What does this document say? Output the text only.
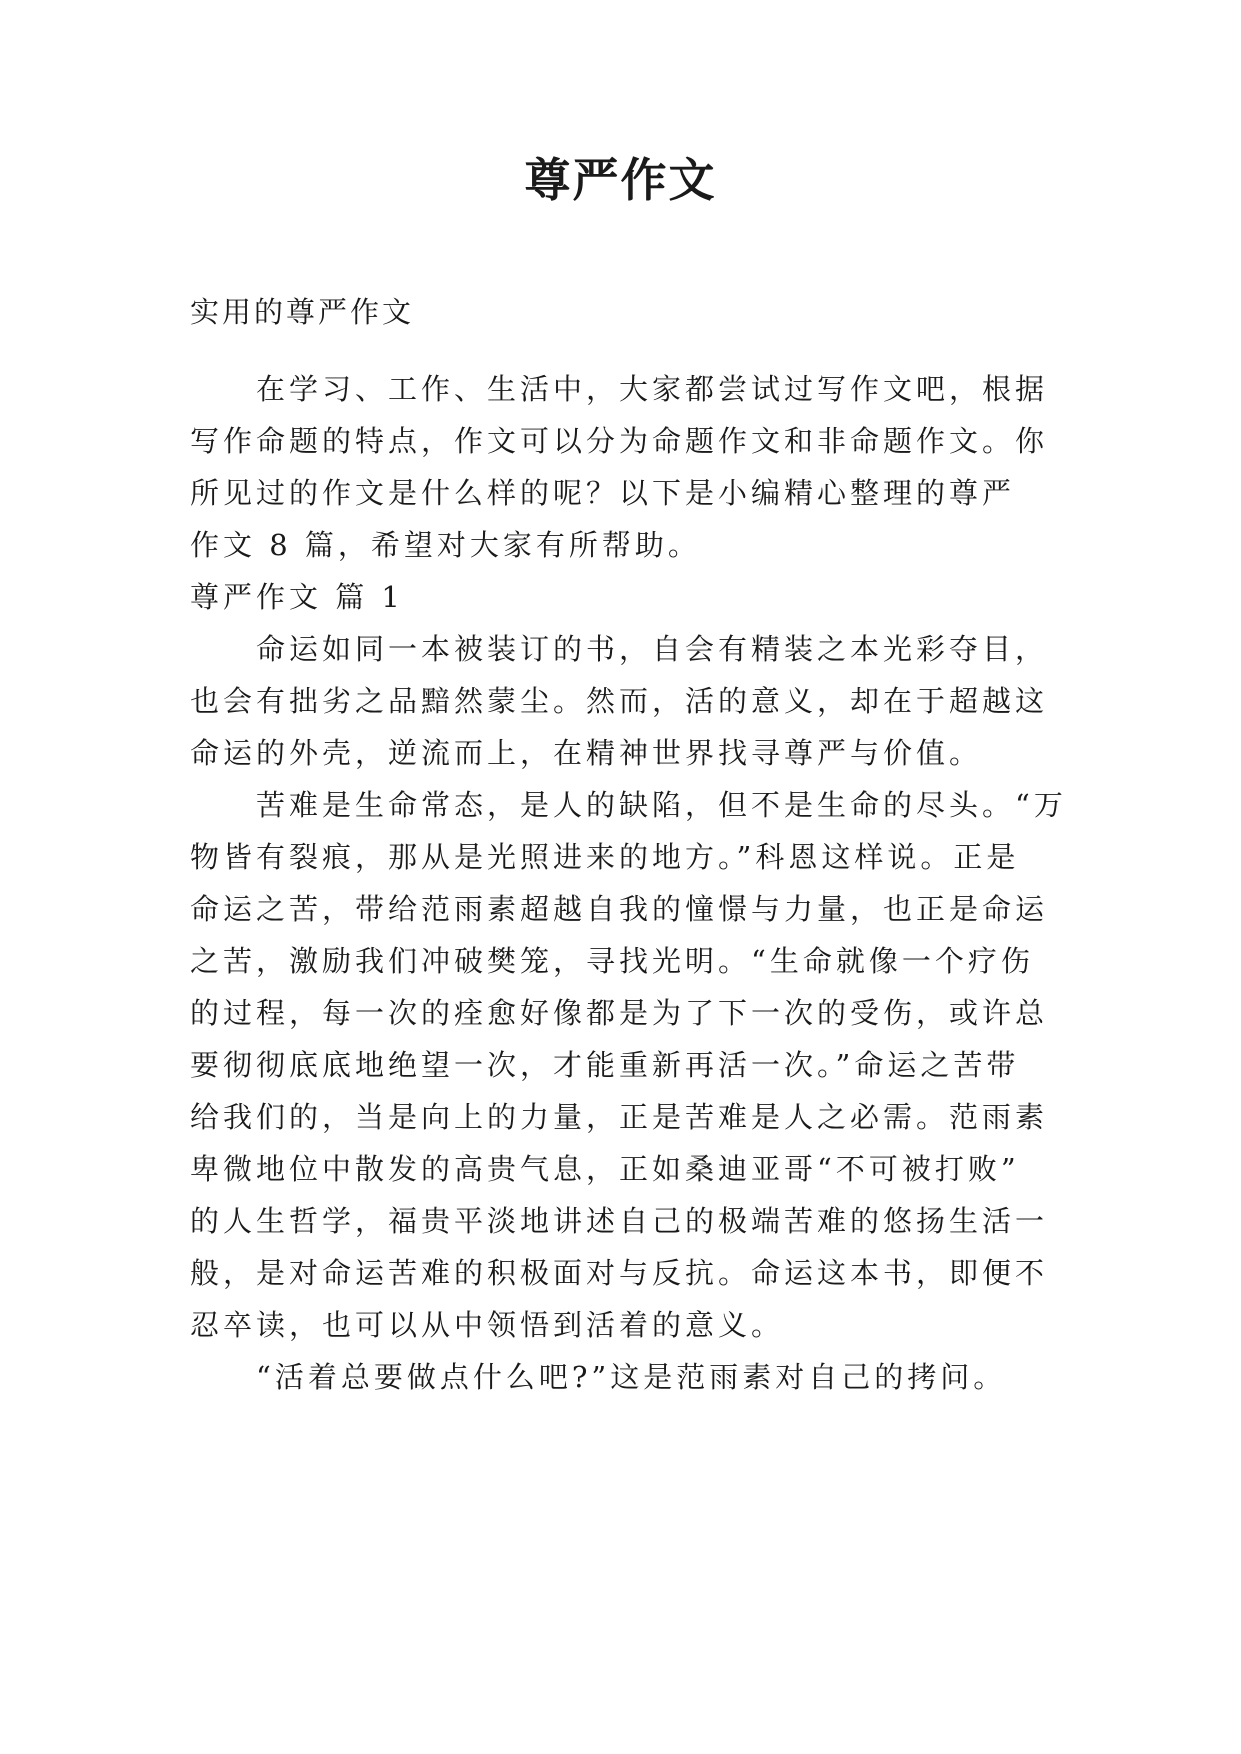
尊严作文
实用的尊严作文
　　在学习、工作、生活中，大家都尝试过写作文吧，根据
写作命题的特点，作文可以分为命题作文和非命题作文。你
所见过的作文是什么样的呢？以下是小编精心整理的尊严
作文 8 篇，希望对大家有所帮助。
尊严作文 篇 1
　　命运如同一本被装订的书，自会有精装之本光彩夺目，
也会有拙劣之品黯然蒙尘。然而，活的意义，却在于超越这
命运的外壳，逆流而上，在精神世界找寻尊严与价值。
　　苦难是生命常态，是人的缺陷，但不是生命的尽头。“万
物皆有裂痕，那从是光照进来的地方。”科恩这样说。正是
命运之苦，带给范雨素超越自我的憧憬与力量，也正是命运
之苦，激励我们冲破樊笼，寻找光明。“生命就像一个疗伤
的过程，每一次的痊愈好像都是为了下一次的受伤，或许总
要彻彻底底地绝望一次，才能重新再活一次。”命运之苦带
给我们的，当是向上的力量，正是苦难是人之必需。范雨素
卑微地位中散发的高贵气息，正如桑迪亚哥“不可被打败”
的人生哲学，福贵平淡地讲述自己的极端苦难的悠扬生活一
般，是对命运苦难的积极面对与反抗。命运这本书，即便不
忍卒读，也可以从中领悟到活着的意义。
　　“活着总要做点什么吧?”这是范雨素对自己的拷问。
